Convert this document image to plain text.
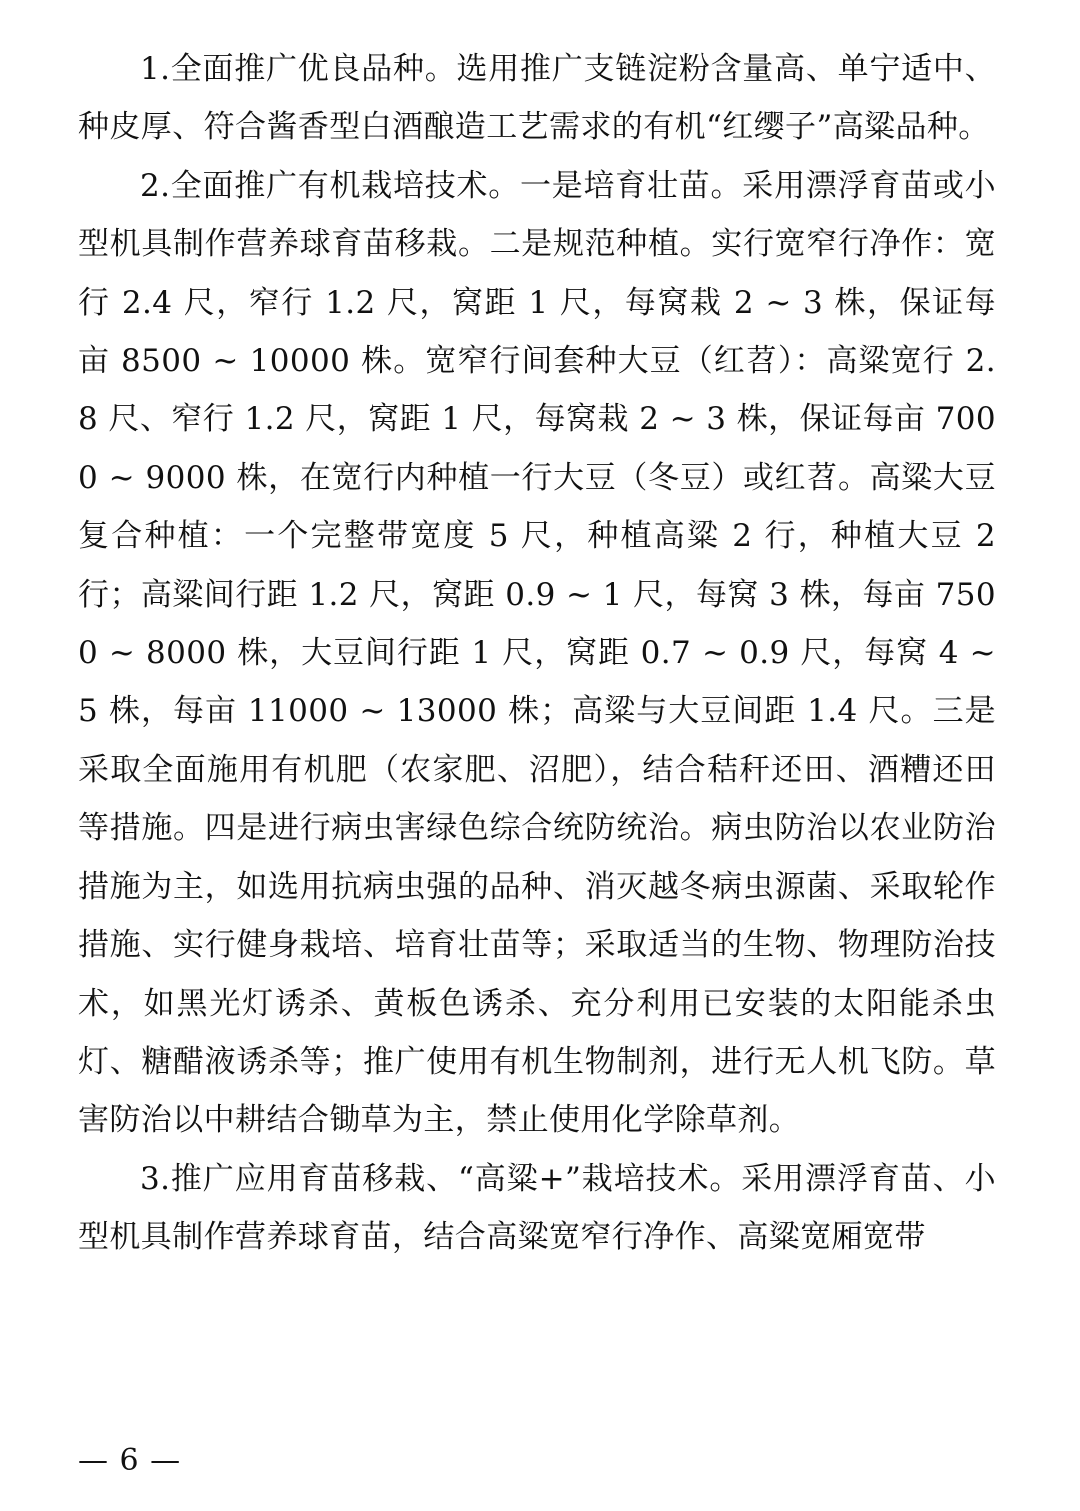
1.全面推广优良品种。选用推广支链淀粉含量高、单宁适中、种皮厚、符合酱香型白酒酿造工艺需求的有机“红缨子”高粱品种。

2.全面推广有机栽培技术。一是培育壮苗。采用漂浮育苗或小型机具制作营养球育苗移栽。二是规范种植。实行宽窄行净作：宽行 2.4 尺，窄行 1.2 尺，窝距 1 尺，每窝栽 2 ~ 3 株，保证每亩 8500 ~ 10000 株。宽窄行间套种大豆（红苕）：高粱宽行 2.8 尺、窄行 1.2 尺，窝距 1 尺，每窝栽 2 ~ 3 株，保证每亩 7000 ~ 9000 株，在宽行内种植一行大豆（冬豆）或红苕。高粱大豆复合种植：一个完整带宽度 5 尺，种植高粱 2 行，种植大豆 2 行；高粱间行距 1.2 尺，窝距 0.9 ~ 1 尺，每窝 3 株，每亩 7500 ~ 8000 株，大豆间行距 1 尺，窝距 0.7 ~ 0.9 尺，每窝 4 ~ 5 株，每亩 11000 ~ 13000 株；高粱与大豆间距 1.4 尺。三是采取全面施用有机肥（农家肥、沼肥），结合秸秆还田、酒糟还田等措施。四是进行病虫害绿色综合统防统治。病虫防治以农业防治措施为主，如选用抗病虫强的品种、消灭越冬病虫源菌、采取轮作措施、实行健身栽培、培育壮苗等；采取适当的生物、物理防治技术，如黑光灯诱杀、黄板色诱杀、充分利用已安装的太阳能杀虫灯、糖醋液诱杀等；推广使用有机生物制剂，进行无人机飞防。草害防治以中耕结合锄草为主，禁止使用化学除草剂。

3.推广应用育苗移栽、“高粱+”栽培技术。采用漂浮育苗、小型机具制作营养球育苗，结合高粱宽窄行净作、高粱宽厢宽带

— 6 —
